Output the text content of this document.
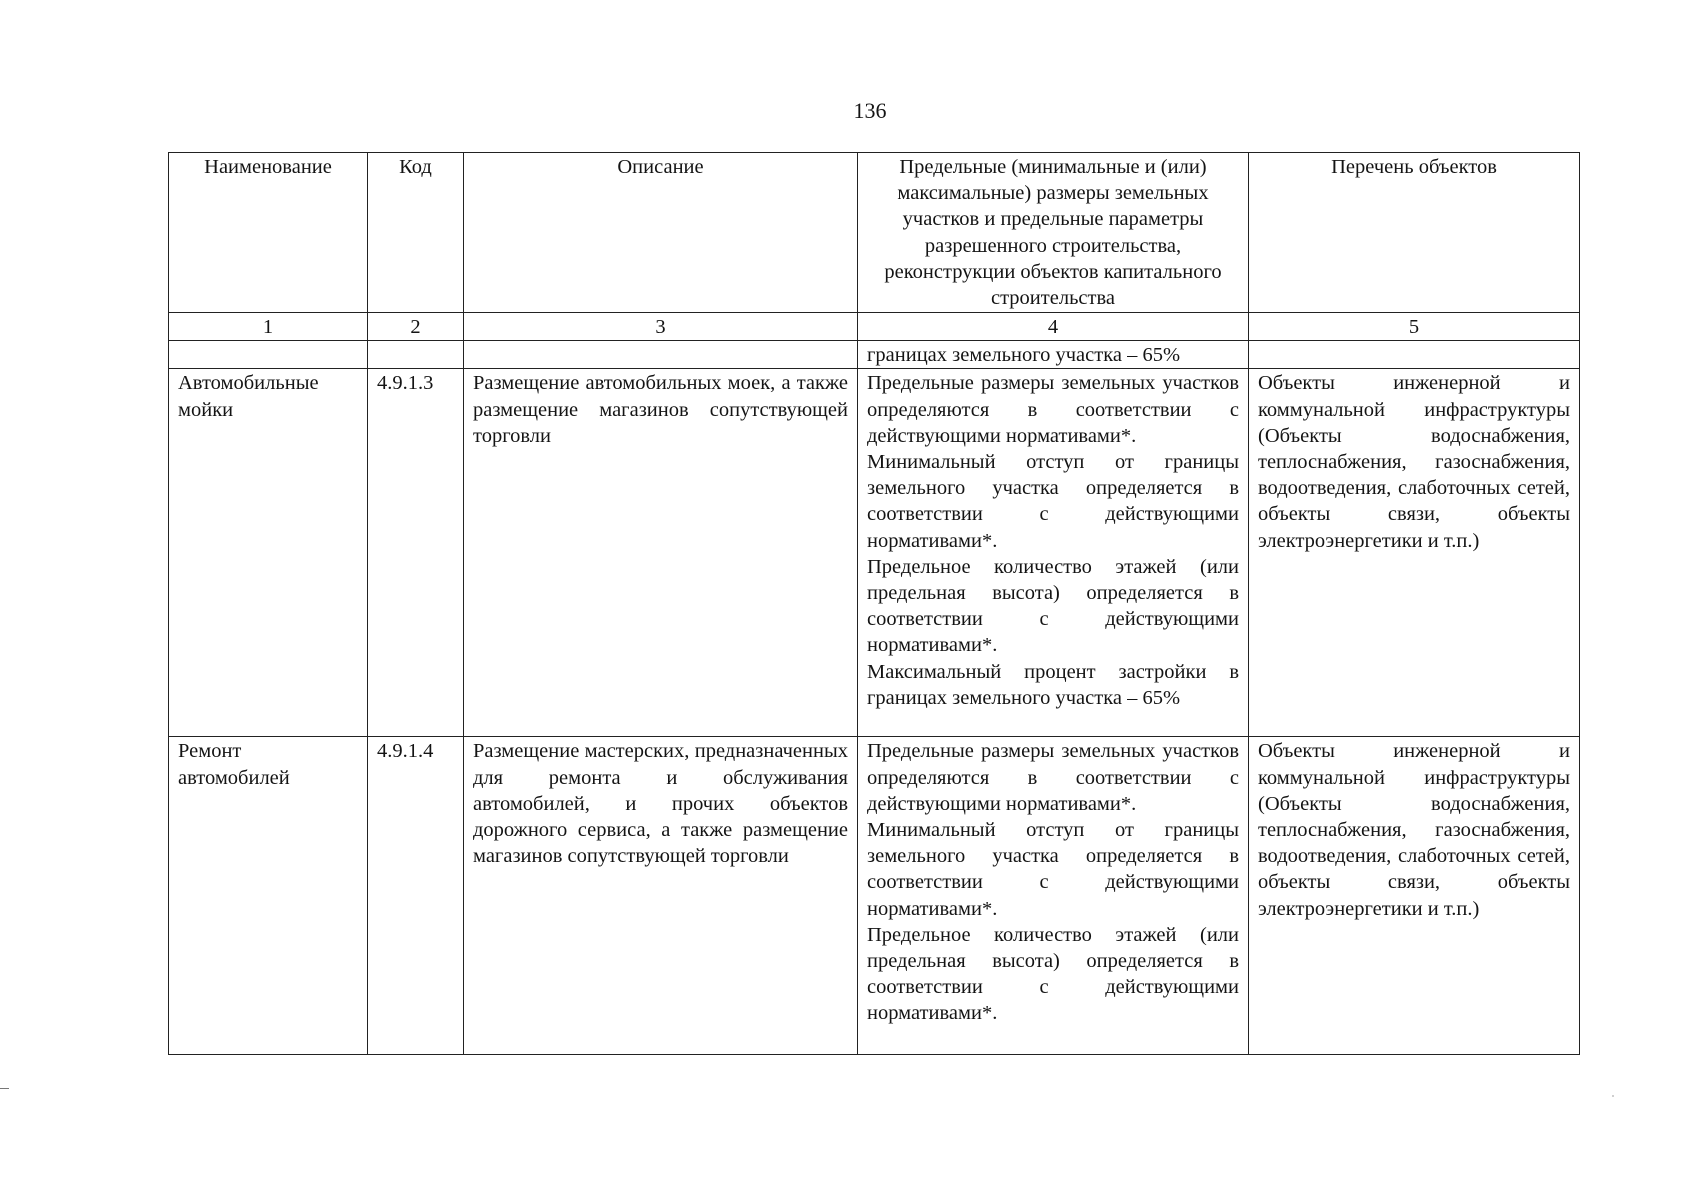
136
Наименование	Код	Описание	Предельные (минимальные и (или) максимальные) размеры земельных участков и предельные параметры разрешенного строительства, реконструкции объектов капитального строительства	Перечень объектов
1	2	3	4	5
			границах земельного участка – 65%	
Автомобильные мойки	4.9.1.3	Размещение автомобильных моек, а также размещение магазинов сопутствующей торговли	Предельные размеры земельных участков определяются в соответствии с действующими нормативами*.
Минимальный отступ от границы земельного участка определяется в соответствии с действующими нормативами*.
Предельное количество этажей (или предельная высота) определяется в соответствии с действующими нормативами*.
Максимальный процент застройки в границах земельного участка – 65%	Объекты инженерной и коммунальной инфраструктуры (Объекты водоснабжения, теплоснабжения, газоснабжения, водоотведения, слаботочных сетей, объекты связи, объекты электроэнергетики и т.п.)
Ремонт автомобилей	4.9.1.4	Размещение мастерских, предназначенных для ремонта и обслуживания автомобилей, и прочих объектов дорожного сервиса, а также размещение магазинов сопутствующей торговли	Предельные размеры земельных участков определяются в соответствии с действующими нормативами*.
Минимальный отступ от границы земельного участка определяется в соответствии с действующими нормативами*.
Предельное количество этажей (или предельная высота) определяется в соответствии с действующими нормативами*.	Объекты инженерной и коммунальной инфраструктуры (Объекты водоснабжения, теплоснабжения, газоснабжения, водоотведения, слаботочных сетей, объекты связи, объекты электроэнергетики и т.п.)
